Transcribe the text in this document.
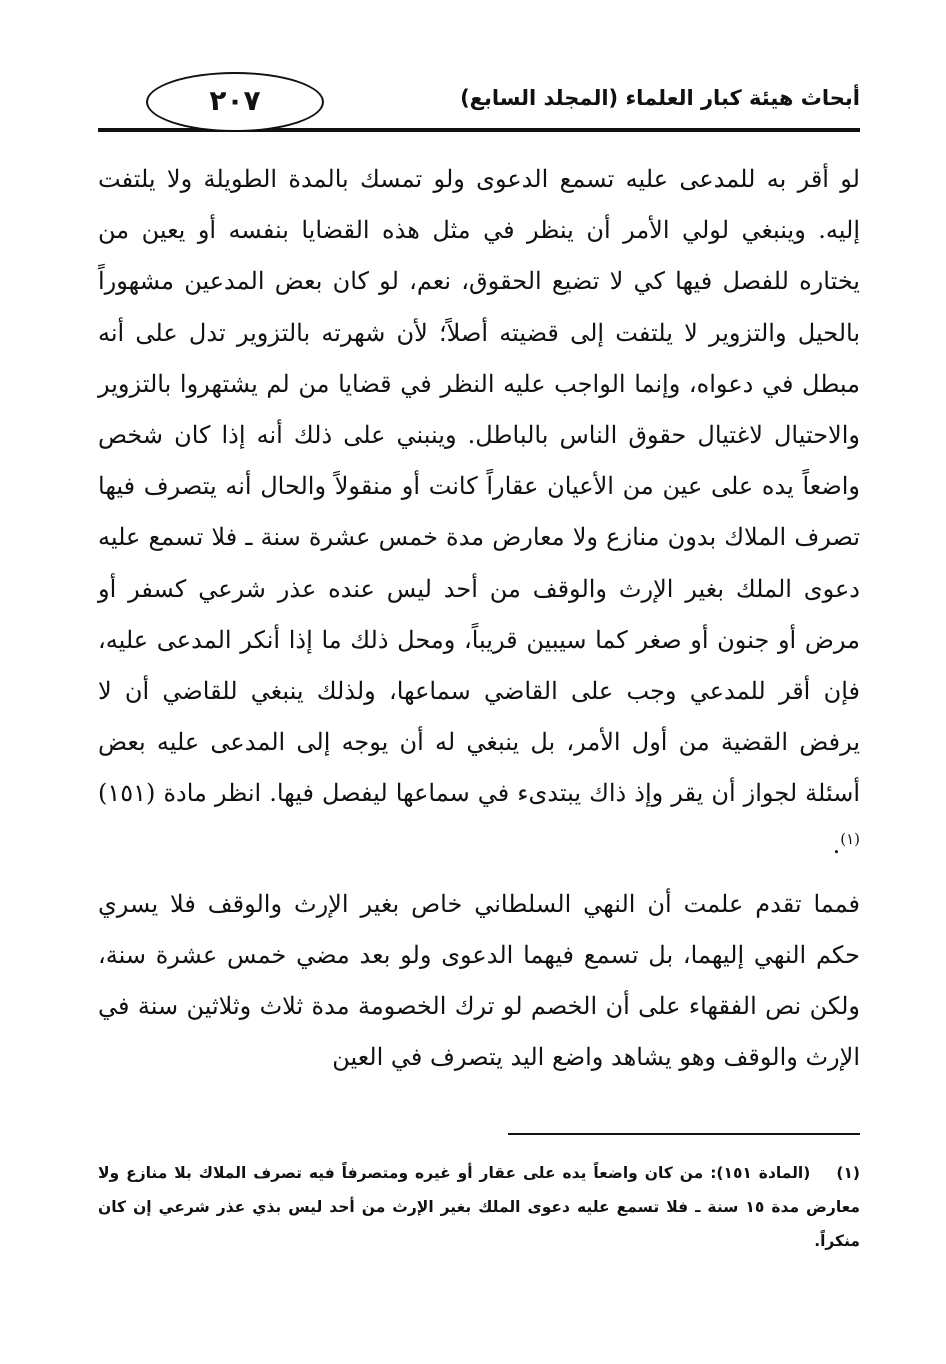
أبحاث هيئة كبار العلماء (المجلد السابع)
٢٠٧

لو أقر به للمدعى عليه تسمع الدعوى ولو تمسك بالمدة الطويلة ولا يلتفت إليه. وينبغي لولي الأمر أن ينظر في مثل هذه القضايا بنفسه أو يعين من يختاره للفصل فيها كي لا تضيع الحقوق، نعم، لو كان بعض المدعين مشهوراً بالحيل والتزوير لا يلتفت إلى قضيته أصلاً؛ لأن شهرته بالتزوير تدل على أنه مبطل في دعواه، وإنما الواجب عليه النظر في قضايا من لم يشتهروا بالتزوير والاحتيال لاغتيال حقوق الناس بالباطل. وينبني على ذلك أنه إذا كان شخص واضعاً يده على عين من الأعيان عقاراً كانت أو منقولاً والحال أنه يتصرف فيها تصرف الملاك بدون منازع ولا معارض مدة خمس عشرة سنة ـ فلا تسمع عليه دعوى الملك بغير الإرث والوقف من أحد ليس عنده عذر شرعي كسفر أو مرض أو جنون أو صغر كما سيبين قريباً، ومحل ذلك ما إذا أنكر المدعى عليه، فإن أقر للمدعي وجب على القاضي سماعها، ولذلك ينبغي للقاضي أن لا يرفض القضية من أول الأمر، بل ينبغي له أن يوجه إلى المدعى عليه بعض أسئلة لجواز أن يقر وإذ ذاك يبتدىء في سماعها ليفصل فيها. انظر مادة (١٥١)$^{(١)}$.

فمما تقدم علمت أن النهي السلطاني خاص بغير الإرث والوقف فلا يسري حكم النهي إليهما، بل تسمع فيهما الدعوى ولو بعد مضي خمس عشرة سنة، ولكن نص الفقهاء على أن الخصم لو ترك الخصومة مدة ثلاث وثلاثين سنة في الإرث والوقف وهو يشاهد واضع اليد يتصرف في العين

(١)
(المادة ١٥١): من كان واضعاً يده على عقار أو غيره ومتصرفاً فيه تصرف الملاك بلا منازع ولا معارض مدة ١٥ سنة ـ فلا تسمع عليه دعوى الملك بغير الإرث من أحد ليس بذي عذر شرعي إن كان منكراً.
